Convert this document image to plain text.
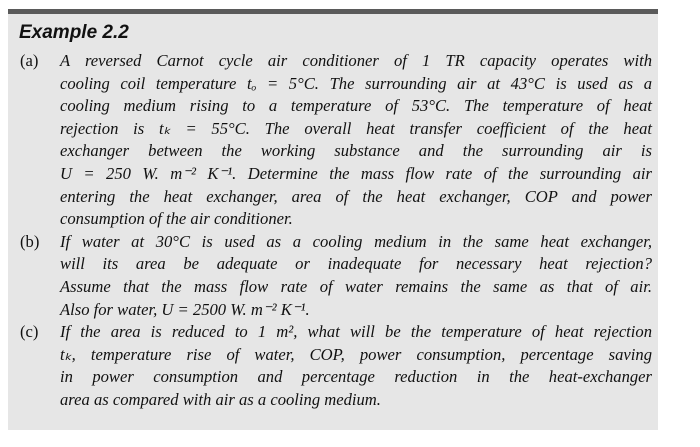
Example 2.2
(a)	A reversed Carnot cycle air conditioner of 1 TR capacity operates with
cooling coil temperature tₒ = 5°C. The surrounding air at 43°C is used as a
cooling medium rising to a temperature of 53°C. The temperature of heat
rejection is tₖ = 55°C. The overall heat transfer coefficient of the heat
exchanger between the working substance and the surrounding air is
U = 250 W. m⁻² K⁻¹. Determine the mass flow rate of the surrounding air
entering the heat exchanger, area of the heat exchanger, COP and power
consumption of the air conditioner.
(b)	If water at 30°C is used as a cooling medium in the same heat exchanger,
will its area be adequate or inadequate for necessary heat rejection?
Assume that the mass flow rate of water remains the same as that of air.
Also for water, U = 2500 W. m⁻² K⁻¹.
(c)	If the area is reduced to 1 m², what will be the temperature of heat rejection
tₖ, temperature rise of water, COP, power consumption, percentage saving
in power consumption and percentage reduction in the heat-exchanger
area as compared with air as a cooling medium.
